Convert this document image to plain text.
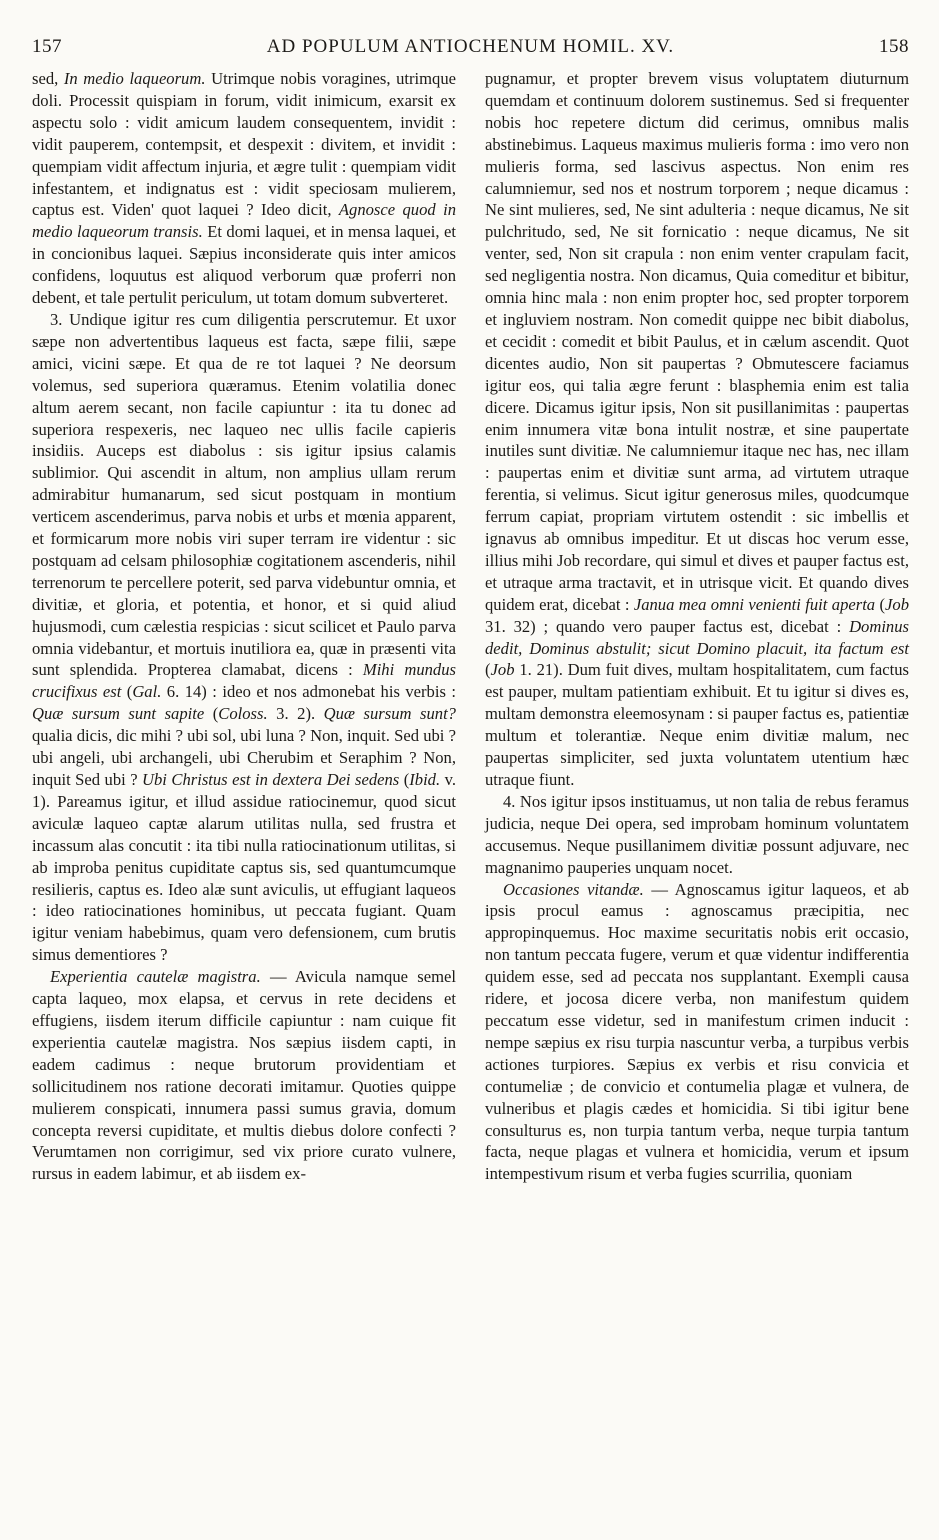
157	AD POPULUM ANTIOCHENUM HOMIL. XV.	158

sed, In medio laqueorum. Utrimque nobis voragines, utrimque doli. Processit quispiam in forum, vidit inimicum, exarsit ex aspectu solo : vidit amicum laudem consequentem, invidit : vidit pauperem, contempsit, et despexit : divitem, et invidit : quempiam vidit affectum injuria, et ægre tulit : quempiam vidit infestantem, et indignatus est : vidit speciosam mulierem, captus est. Viden' quot laquei ? Ideo dicit, Agnosce quod in medio laqueorum transis. Et domi laquei, et in mensa laquei, et in concionibus laquei. Sæpius inconsiderate quis inter amicos confidens, loquutus est aliquod verborum quæ proferri non debent, et tale pertulit periculum, ut totam domum subverteret.

3. Undique igitur res cum diligentia perscrutemur. Et uxor sæpe non advertentibus laqueus est facta, sæpe filii, sæpe amici, vicini sæpe. Et qua de re tot laquei ? Ne deorsum volemus, sed superiora quæramus. Etenim volatilia donec altum aerem secant, non facile capiuntur : ita tu donec ad superiora respexeris, nec laqueo nec ullis facile capieris insidiis. Auceps est diabolus : sis igitur ipsius calamis sublimior. Qui ascendit in altum, non amplius ullam rerum admirabitur humanarum, sed sicut postquam in montium verticem ascenderimus, parva nobis et urbs et mœnia apparent, et formicarum more nobis viri super terram ire videntur : sic postquam ad celsam philosophiæ cogitationem ascenderis, nihil terrenorum te percellere poterit, sed parva videbuntur omnia, et divitiæ, et gloria, et potentia, et honor, et si quid aliud hujusmodi, cum cælestia respicias : sicut scilicet et Paulo parva omnia videbantur, et mortuis inutiliora ea, quæ in præsenti vita sunt splendida. Propterea clamabat, dicens : Mihi mundus crucifixus est (Gal. 6. 14) : ideo et nos admonebat his verbis : Quæ sursum sunt sapite (Coloss. 3. 2). Quæ sursum sunt? qualia dicis, dic mihi ? ubi sol, ubi luna ? Non, inquit. Sed ubi ? ubi angeli, ubi archangeli, ubi Cherubim et Seraphim ? Non, inquit Sed ubi ? Ubi Christus est in dextera Dei sedens (Ibid. v. 1). Pareamus igitur, et illud assidue ratiocinemur, quod sicut aviculæ laqueo captæ alarum utilitas nulla, sed frustra et incassum alas concutit : ita tibi nulla ratiocinationum utilitas, si ab improba penitus cupiditate captus sis, sed quantumcumque resilieris, captus es. Ideo alæ sunt aviculis, ut effugiant laqueos : ideo ratiocinationes hominibus, ut peccata fugiant. Quam igitur veniam habebimus, quam vero defensionem, cum brutis simus dementiores ?

Experientia cautelæ magistra. — Avicula namque semel capta laqueo, mox elapsa, et cervus in rete decidens et effugiens, iisdem iterum difficile capiuntur : nam cuique fit experientia cautelæ magistra. Nos sæpius iisdem capti, in eadem cadimus : neque brutorum providentiam et sollicitudinem nos ratione decorati imitamur. Quoties quippe mulierem conspicati, innumera passi sumus gravia, domum concepta reversi cupiditate, et multis diebus dolore confecti ? Verumtamen non corrigimur, sed vix priore curato vulnere, rursus in eadem labimur, et ab iisdem ex-

pugnamur, et propter brevem visus voluptatem diuturnum quemdam et continuum dolorem sustinemus. Sed si frequenter nobis hoc repetere dictum did cerimus, omnibus malis abstinebimus. Laqueus maximus mulieris forma : imo vero non mulieris forma, sed lascivus aspectus. Non enim res calumniemur, sed nos et nostrum torporem ; neque dicamus : Ne sint mulieres, sed, Ne sint adulteria : neque dicamus, Ne sit pulchritudo, sed, Ne sit fornicatio : neque dicamus, Ne sit venter, sed, Non sit crapula : non enim venter crapulam facit, sed negligentia nostra. Non dicamus, Quia comeditur et bibitur, omnia hinc mala : non enim propter hoc, sed propter torporem et ingluviem nostram. Non comedit quippe nec bibit diabolus, et cecidit : comedit et bibit Paulus, et in cælum ascendit. Quot dicentes audio, Non sit paupertas ? Obmutescere faciamus igitur eos, qui talia ægre ferunt : blasphemia enim est talia dicere. Dicamus igitur ipsis, Non sit pusillanimitas : paupertas enim innumera vitæ bona intulit nostræ, et sine paupertate inutiles sunt divitiæ. Ne calumniemur itaque nec has, nec illam : paupertas enim et divitiæ sunt arma, ad virtutem utraque ferentia, si velimus. Sicut igitur generosus miles, quodcumque ferrum capiat, propriam virtutem ostendit : sic imbellis et ignavus ab omnibus impeditur. Et ut discas hoc verum esse, illius mihi Job recordare, qui simul et dives et pauper factus est, et utraque arma tractavit, et in utrisque vicit. Et quando dives quidem erat, dicebat : Janua mea omni venienti fuit aperta (Job 31. 32) ; quando vero pauper factus est, dicebat : Dominus dedit, Dominus abstulit; sicut Domino placuit, ita factum est (Job 1. 21). Dum fuit dives, multam hospitalitatem, cum factus est pauper, multam patientiam exhibuit. Et tu igitur si dives es, multam demonstra eleemosynam : si pauper factus es, patientiæ multum et tolerantiæ. Neque enim divitiæ malum, nec paupertas simpliciter, sed juxta voluntatem utentium hæc utraque fiunt.

4. Nos igitur ipsos instituamus, ut non talia de rebus feramus judicia, neque Dei opera, sed improbam hominum voluntatem accusemus. Neque pusillanimem divitiæ possunt adjuvare, nec magnanimo pauperies unquam nocet.

Occasiones vitandæ. — Agnoscamus igitur laqueos, et ab ipsis procul eamus : agnoscamus præcipitia, nec appropinquemus. Hoc maxime securitatis nobis erit occasio, non tantum peccata fugere, verum et quæ videntur indifferentia quidem esse, sed ad peccata nos supplantant. Exempli causa ridere, et jocosa dicere verba, non manifestum quidem peccatum esse videtur, sed in manifestum crimen inducit : nempe sæpius ex risu turpia nascuntur verba, a turpibus verbis actiones turpiores. Sæpius ex verbis et risu convicia et contumeliæ ; de convicio et contumelia plagæ et vulnera, de vulneribus et plagis cædes et homicidia. Si tibi igitur bene consulturus es, non turpia tantum verba, neque turpia tantum facta, neque plagas et vulnera et homicidia, verum et ipsum intempestivum risum et verba fugies scurrilia, quoniam
